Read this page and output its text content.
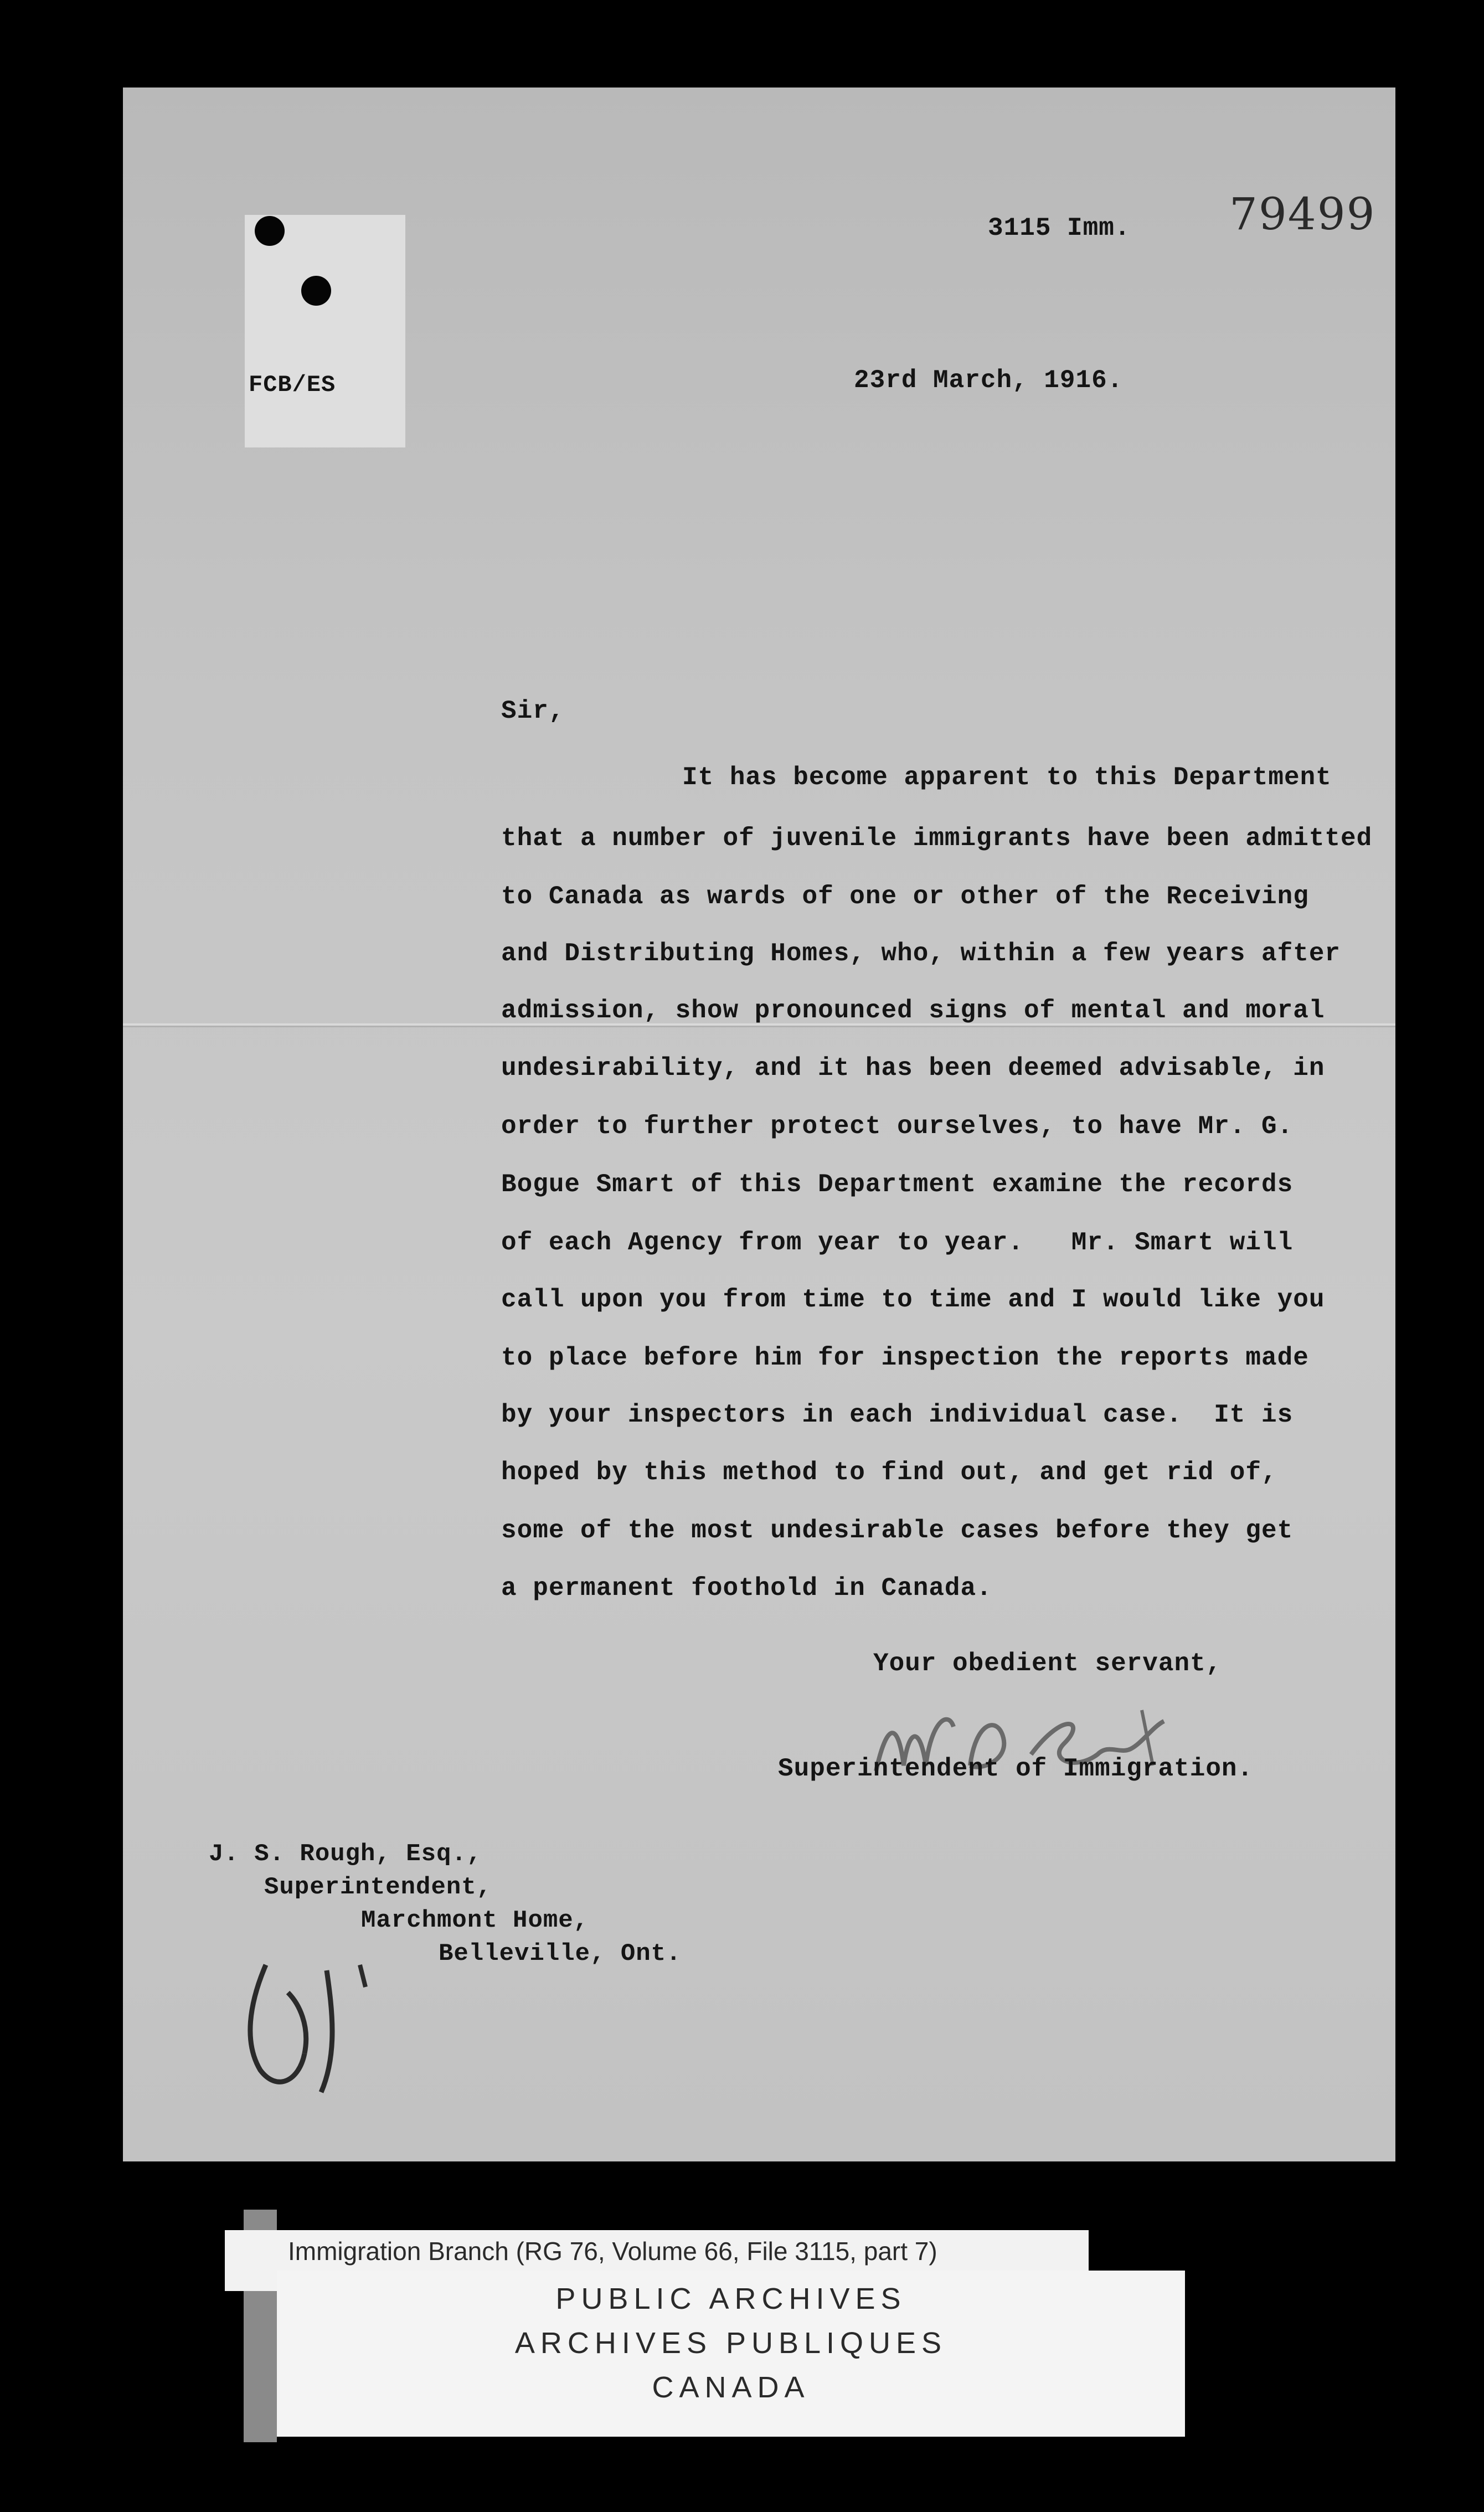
79499
3115 Imm.
FCB/ES	23rd March, 1916.
Sir,
It has become apparent to this Department
that a number of juvenile immigrants have been admitted
to Canada as wards of one or other of the Receiving
and Distributing Homes, who, within a few years after
admission, show pronounced signs of mental and moral
undesirability, and it has been deemed advisable, in
order to further protect ourselves, to have Mr. G.
Bogue Smart of this Department examine the records
of each Agency from year to year.   Mr. Smart will
call upon you from time to time and I would like you
to place before him for inspection the reports made
by your inspectors in each individual case.  It is
hoped by this method to find out, and get rid of,
some of the most undesirable cases before they get
a permanent foothold in Canada.
Your obedient servant,
Superintendent of Immigration.
J. S. Rough, Esq.,
Superintendent,
Marchmont Home,
Belleville, Ont.
Immigration Branch (RG 76, Volume 66, File 3115, part 7)
PUBLIC ARCHIVES
ARCHIVES PUBLIQUES
CANADA
